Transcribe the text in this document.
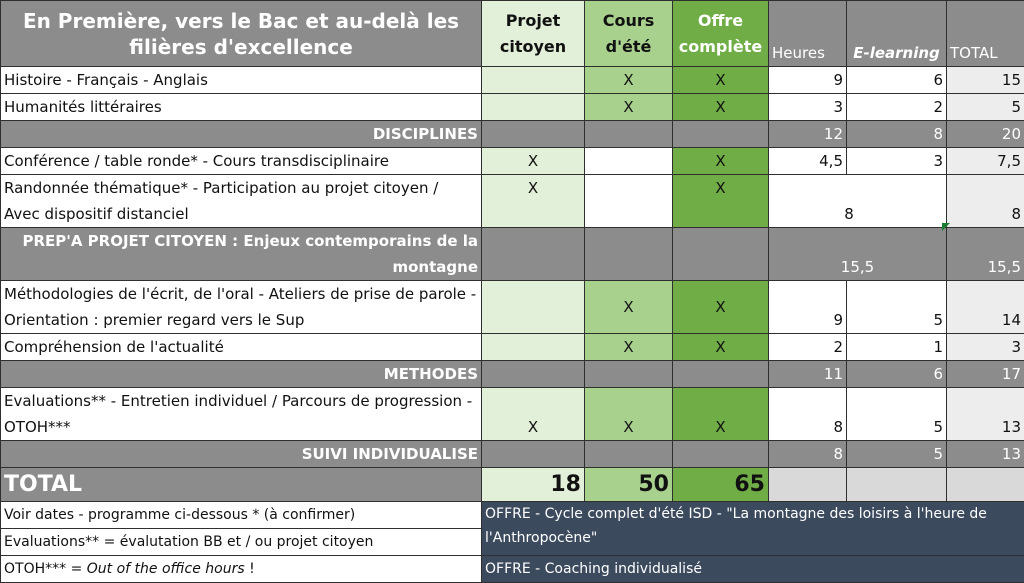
En Première, vers le Bac et au-delà les filières d'excellence	Projet citoyen	Cours d'été	Offre complète	Heures	E-learning	TOTAL
Histoire - Français - Anglais		X	X	9	6	15
Humanités littéraires		X	X	3	2	5
DISCIPLINES				12	8	20
Conférence / table ronde* - Cours transdisciplinaire	X		X	4,5	3	7,5
Randonnée thématique* - Participation au projet citoyen / Avec dispositif distanciel	X		X	8		8
PREP'A PROJET CITOYEN : Enjeux contemporains de la montagne				15,5		15,5
Méthodologies de l'écrit, de l'oral - Ateliers de prise de parole - Orientation : premier regard vers le Sup		X	X	9	5	14
Compréhension de l'actualité		X	X	2	1	3
METHODES				11	6	17
Evaluations** - Entretien individuel / Parcours de progression - OTOH***	X	X	X	8	5	13
SUIVI INDIVIDUALISE				8	5	13
TOTAL	18	50	65			
Voir dates - programme ci-dessous * (à confirmer)	OFFRE - Cycle complet d'été ISD - "La montagne des loisirs à l'heure de l'Anthropocène"					
Evaluations** = évalutation BB et / ou projet citoyen						
OTOH*** = Out of the office hours !	OFFRE - Coaching individualisé					
